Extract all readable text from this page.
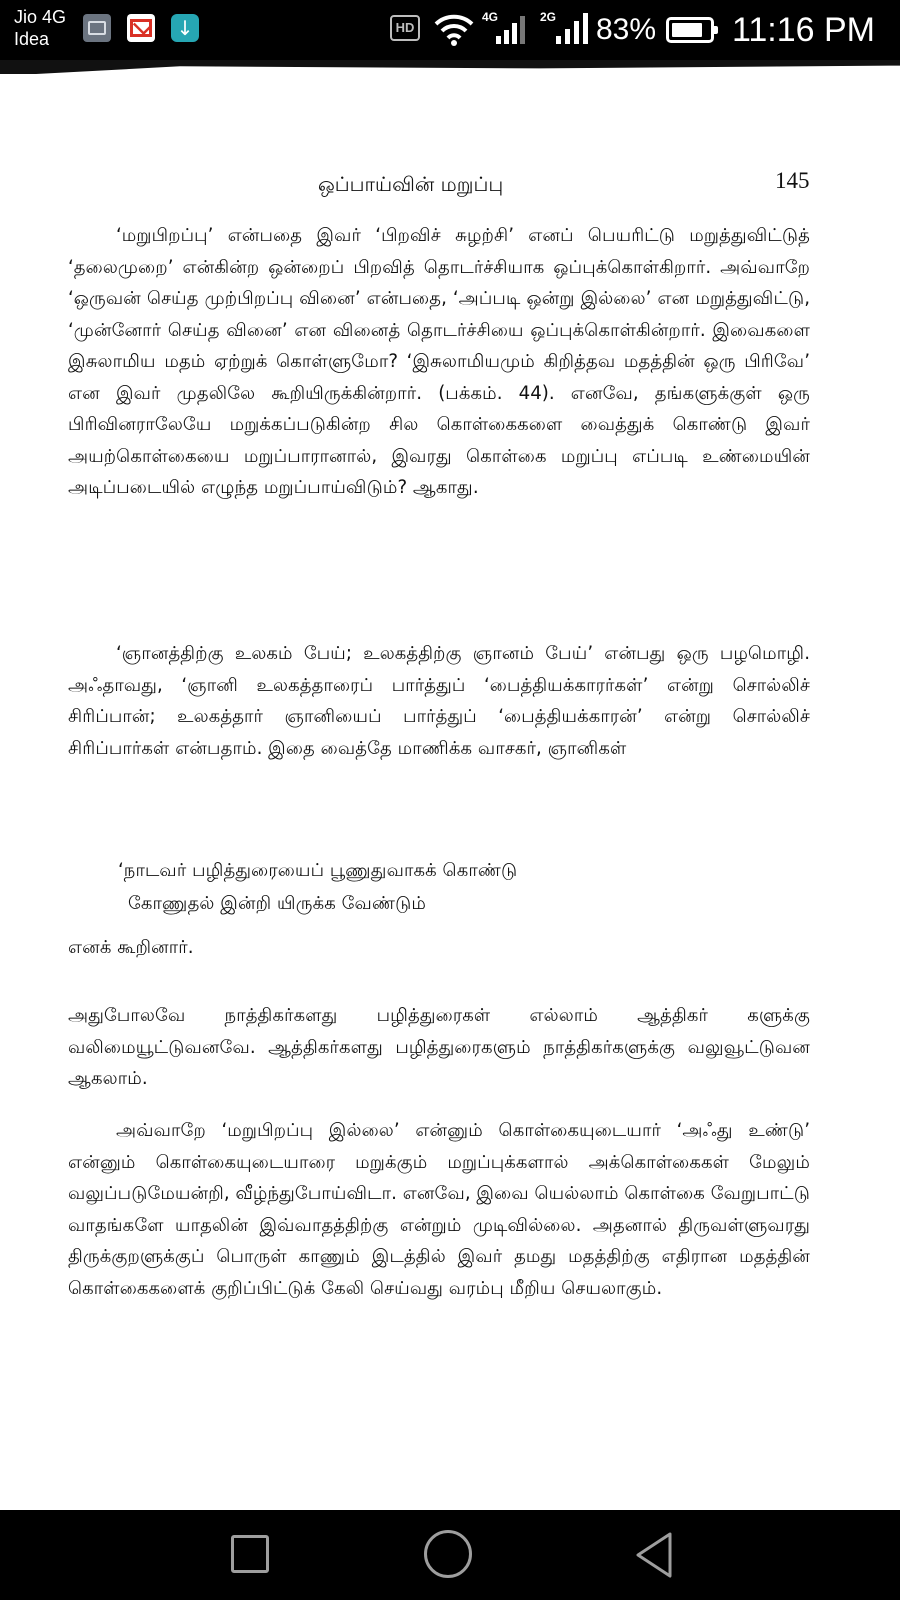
Jio 4G
Idea
↓
HD
4G	2G 83% 11:16 PM
ஒப்பாய்வின் மறுப்பு	145

‘மறுபிறப்பு’ என்பதை இவர் ‘பிறவிச் சுழற்சி’ எனப் பெயரிட்டு மறுத்துவிட்டுத் ‘தலைமுறை’ என்கின்ற ஒன்றைப் பிறவித் தொடர்ச்சியாக ஒப்புக்கொள்கிறார். அவ்வாறே ‘ஒருவன் செய்த முற்பிறப்பு வினை’ என்பதை, ‘அப்படி ஒன்று இல்லை’ என மறுத்துவிட்டு, ‘முன்னோர் செய்த வினை’ என வினைத் தொடர்ச்சியை ஒப்புக்கொள்கின்றார். இவைகளை இசுலாமிய மதம் ஏற்றுக் கொள்ளுமோ? ‘இசுலாமியமும் கிறித்தவ மதத்தின் ஒரு பிரிவே’ என இவர் முதலிலே கூறியிருக்கின்றார். (பக்கம். 44). எனவே, தங்களுக்குள் ஒரு பிரிவினராலேயே மறுக்கப்படுகின்ற சில கொள்கைகளை வைத்துக் கொண்டு இவர் அயற்கொள்கையை மறுப்பாரானால், இவரது கொள்கை மறுப்பு எப்படி உண்மையின் அடிப்படையில் எழுந்த மறுப்பாய்விடும்? ஆகாது.

‘ஞானத்திற்கு உலகம் பேய்; உலகத்திற்கு ஞானம் பேய்’ என்பது ஒரு பழமொழி. அஃதாவது, ‘ஞானி உலகத்தாரைப் பார்த்துப் ‘பைத்தியக்காரர்கள்’ என்று சொல்லிச் சிரிப்பான்; உலகத்தார் ஞானியைப் பார்த்துப் ‘பைத்தியக்காரன்’ என்று சொல்லிச் சிரிப்பார்கள் என்பதாம். இதை வைத்தே மாணிக்க வாசகர், ஞானிகள்

‘நாடவர் பழித்துரையைப் பூணுதுவாகக் கொண்டு
கோணுதல் இன்றி யிருக்க வேண்டும்
எனக் கூறினார்.

அதுபோலவே நாத்திகர்களது பழித்துரைகள் எல்லாம் ஆத்திகர் களுக்கு வலிமையூட்டுவனவே. ஆத்திகர்களது பழித்துரைகளும் நாத்திகர்களுக்கு வலுவூட்டுவன ஆகலாம்.

அவ்வாறே ‘மறுபிறப்பு இல்லை’ என்னும் கொள்கையுடையார் ‘அஃது உண்டு’ என்னும் கொள்கையுடையாரை மறுக்கும் மறுப்புக்களால் அக்கொள்கைகள் மேலும் வலுப்படுமேயன்றி, வீழ்ந்துபோய்விடா. எனவே, இவை யெல்லாம் கொள்கை வேறுபாட்டு வாதங்களே யாதலின் இவ்வாதத்திற்கு என்றும் முடிவில்லை. அதனால் திருவள்ளுவரது திருக்குறளுக்குப் பொருள் காணும் இடத்தில் இவர் தமது மதத்திற்கு எதிரான மதத்தின் கொள்கைகளைக் குறிப்பிட்டுக் கேலி செய்வது வரம்பு மீறிய செயலாகும்.
